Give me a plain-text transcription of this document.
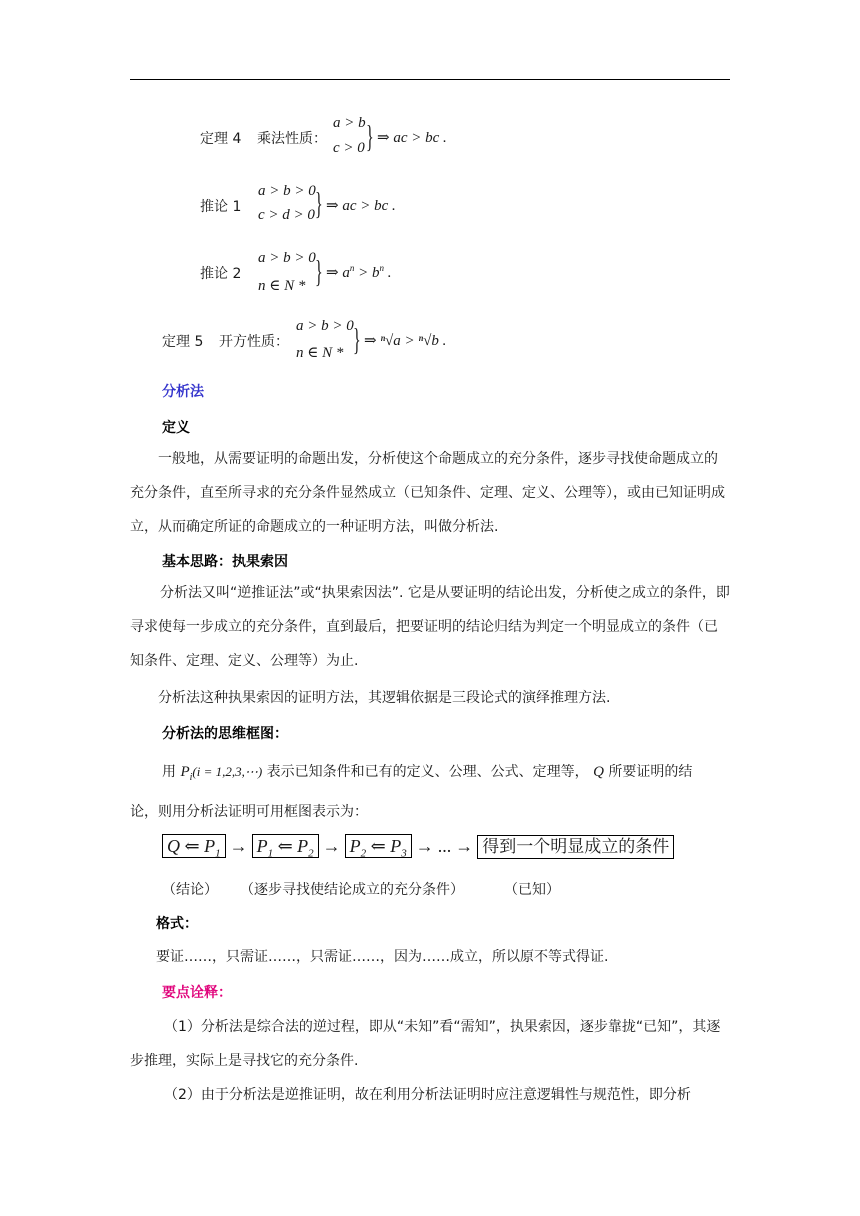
定理 4 乘法性质：
a > b
c > 0 } ⇒ ac > bc .
推论 1
a > b > 0
c > d > 0 } ⇒ ac > bc .
推论 2
a > b > 0
n ∈ N * } ⇒ $a^n > b^n$ .
定理 5 开方性质：
a > b > 0
n ∈ N * } ⇒ ⁿ√a > ⁿ√b .
分析法
定义
一般地，从需要证明的命题出发，分析使这个命题成立的充分条件，逐步寻找使命题成立的充分条件，直至所寻求的充分条件显然成立（已知条件、定理、定义、公理等），或由已知证明成立，从而确定所证的命题成立的一种证明方法，叫做分析法.
基本思路：执果索因
分析法又叫“逆推证法”或“执果索因法”. 它是从要证明的结论出发，分析使之成立的条件，即寻求使每一步成立的充分条件，直到最后，把要证明的结论归结为判定一个明显成立的条件（已知条件、定理、定义、公理等）为止.
分析法这种执果索因的证明方法，其逻辑依据是三段论式的演绎推理方法.
分析法的思维框图：
用 $P_i(i$ = 1,2,3,⋯) 表示已知条件和已有的定义、公理、公式、定理等， Q 所要证明的结
论，则用分析法证明可用框图表示为：
Q ⇐ $P_1 \to P_1$ ⇐ $P_2 \to P_2$ ⇐ $P_3$ → ... → 得到一个明显成立的条件
（结论） （逐步寻找使结论成立的充分条件）	（已知）
格式：
要证……，只需证……，只需证……，因为……成立，所以原不等式得证.
要点诠释：
（1）分析法是综合法的逆过程，即从“未知”看“需知”，执果索因，逐步靠拢“已知”，其逐步推理，实际上是寻找它的充分条件.
（2）由于分析法是逆推证明，故在利用分析法证明时应注意逻辑性与规范性，即分析
